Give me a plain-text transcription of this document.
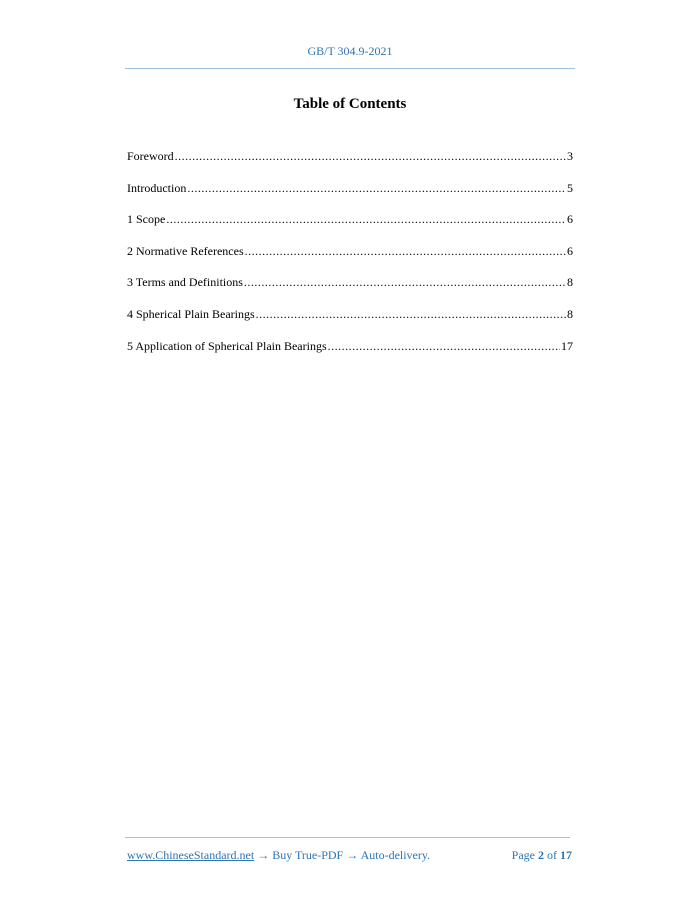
GB/T 304.9-2021
Table of Contents
Foreword .....	3
Introduction .....	5
1 Scope .....	6
2 Normative References .....	6
3 Terms and Definitions .....	8
4 Spherical Plain Bearings .....	8
5 Application of Spherical Plain Bearings .....	17
www.ChineseStandard.net → Buy True-PDF → Auto-delivery.	Page 2 of 17
